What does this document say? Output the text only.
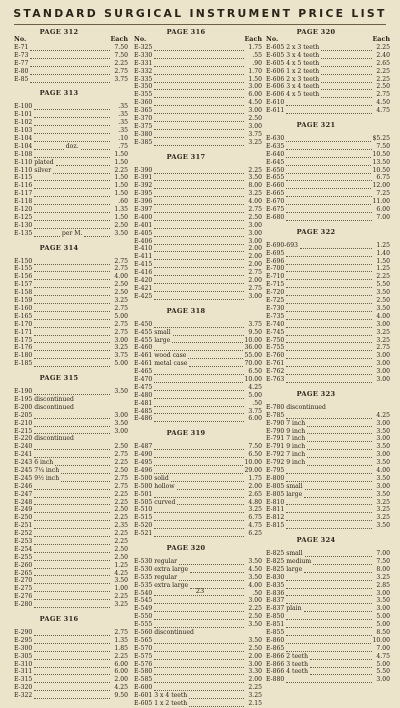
STANDARD SURGICAL INSTRUMENT PRICE LIST
No.	Each
PAGE 312
E-71	7.50
E-73	7.50
E-77	2.25
E-80	2.75
E-85	3.75
PAGE 313
E-100	.35
E-101	.35
E-102	.35
E-103	.35
E-104	.10
E-104	doz.	.75
E-108	1.50
E-110 plated	1.50
E-110 silver	2.25
E-115	1.50
E-116	1.50
E-117	1.50
E-118	.60
E-120	1.35
E-125	1.50
E-130	2.50
E-135	per M.	3.50
PAGE 314
E-150	2.75
E-155	2.75
E-156	4.00
E-157	2.50
E-158	2.50
E-159	3.25
E-160	2.75
E-165	5.00
E-170	2.75
E-171	2.75
E-175	3.00
E-176	3.25
E-180	3.75
E-185	5.00
PAGE 315
E-190	3.50
E-195 discontinued
E-200 discontinued
E-205	3.00
E-210	3.50
E-215	3.00
E-220 discontinued
E-240	2.50
E-241	2.75
E-243 6 inch	2.25
E-245 7¼ inch	2.50
E-245 9½ inch	2.75
E-246	2.75
E-247	2.25
E-248	2.25
E-249	2.50
E-250	2.25
E-251	2.35
E-252	2.25
E-253	2.25
E-254	2.50
E-255	2.50
E-260	1.25
E-265	4.25
E-270	3.50
E-275	1.00
E-276	2.25
E-280	3.25
PAGE 316
E-290	2.75
E-295	1.35
E-300	1.85
E-305	2.25
E-310	6.00
E-311	6.00
E-315	2.00
E-320	4.25
E-322	9.50
No.	Each
PAGE 316
E-325	1.75
E-330	.55
E-331	.90
E-332	1.70
E-335	1.50
E-350	3.00
E-355	6.00
E-360	4.50
E-365	3.00
E-370	2.50
E-375	3.00
E-380	3.75
E-385	3.25
PAGE 317
E-390	2.25
E-391	3.50
E-392	8.00
E-395	3.25
E-396	4.00
E-397	2.75
E-400	2.50
E-401	3.00
E-405	3.00
E-406	3.00
E-410	2.00
E-411	2.00
E-415	2.00
E-416	2.75
E-420	2.00
E-421	2.75
E-425	3.00
PAGE 318
E-450	3.75
E-455 small	9.50
E-455 large	10.00
E-460	36.00
E-461 wood case	55.00
E-461 metal case	70.00
E-465	6.50
E-470	10.00
E-475	4.25
E-480	5.00
E-481	.50
E-485	3.75
E-486	6.00
PAGE 319
E-487	7.50
E-490	6.50
E-495	10.00
E-496	29.00
E-500 solid	1.75
E-500 hollow	2.00
E-501	2.65
E-505 curved	4.80
E-510	3.25
E-515	6.75
E-520	4.75
E-521	6.25
PAGE 320
E-530 regular	3.50
E-530 extra large	4.50
E-535 regular	3.50
E-535 extra large	4.00
E-540	.50
E-545	3.00
E-549	2.25
E-550	2.50
E-555	3.50
E-560 discontinued
E-565	3.50
E-570	2.50
E-575	2.00
E-576	3.00
E-580	3.30
E-585	2.00
E-600	2.25
E-601 3 x 4 teeth	3.25
E-605 1 x 2 teeth	2.15
No.	Each
PAGE 320
E-605 2 x 3 teeth	2.25
E-605 3 x 4 teeth	2.40
E-605 4 x 5 teeth	2.65
E-606 1 x 2 teeth	2.25
E-606 2 x 3 teeth	2.25
E-606 3 x 4 teeth	2.50
E-606 4 x 5 teeth	2.75
E-610	4.50
E-611	4.75
PAGE 321
E-630	$5.25
E-635	7.50
E-640	10.50
E-645	13.50
E-650	10.50
E-655	6.75
E-660	12.00
E-665	7.25
E-670	11.00
E-675	6.00
E-680	7.00
PAGE 322
E-690-693	1.25
E-695	1.40
E-696	1.50
E-700	1.25
E-710	2.25
E-715	5.50
E-720	3.50
E-725	2.50
E-730	3.50
E-735	4.00
E-740	3.00
E-745	3.25
E-750	3.25
E-755	2.75
E-760	3.00
E-761	3.00
E-762	3.00
E-763	3.00
PAGE 323
E-780 discontinued
E-785	4.25
E-790 7 inch	3.00
E-790 9 inch	3.50
E-791 7 inch	3.00
E-791 9 inch	3.50
E-792 7 inch	3.00
E-792 9 inch	3.50
E-795	4.00
E-800	3.50
E-805 small	3.00
E-805 large	3.50
E-810	3.25
E-811	3.25
E-812	3.25
E-815	3.50
PAGE 324
E-825 small	7.00
E-825 medium	7.50
E-825 large	8.00
E-830	3.25
E-835	2.85
E-836	3.00
E-837	3.50
E-837 plain	3.00
E-850	5.00
E-851	5.00
E-855	8.50
E-860	10.00
E-865	7.00
E-866 2 teeth	4.75
E-866 3 teeth	5.00
E-866 4 teeth	5.50
E-880	3.00
23
